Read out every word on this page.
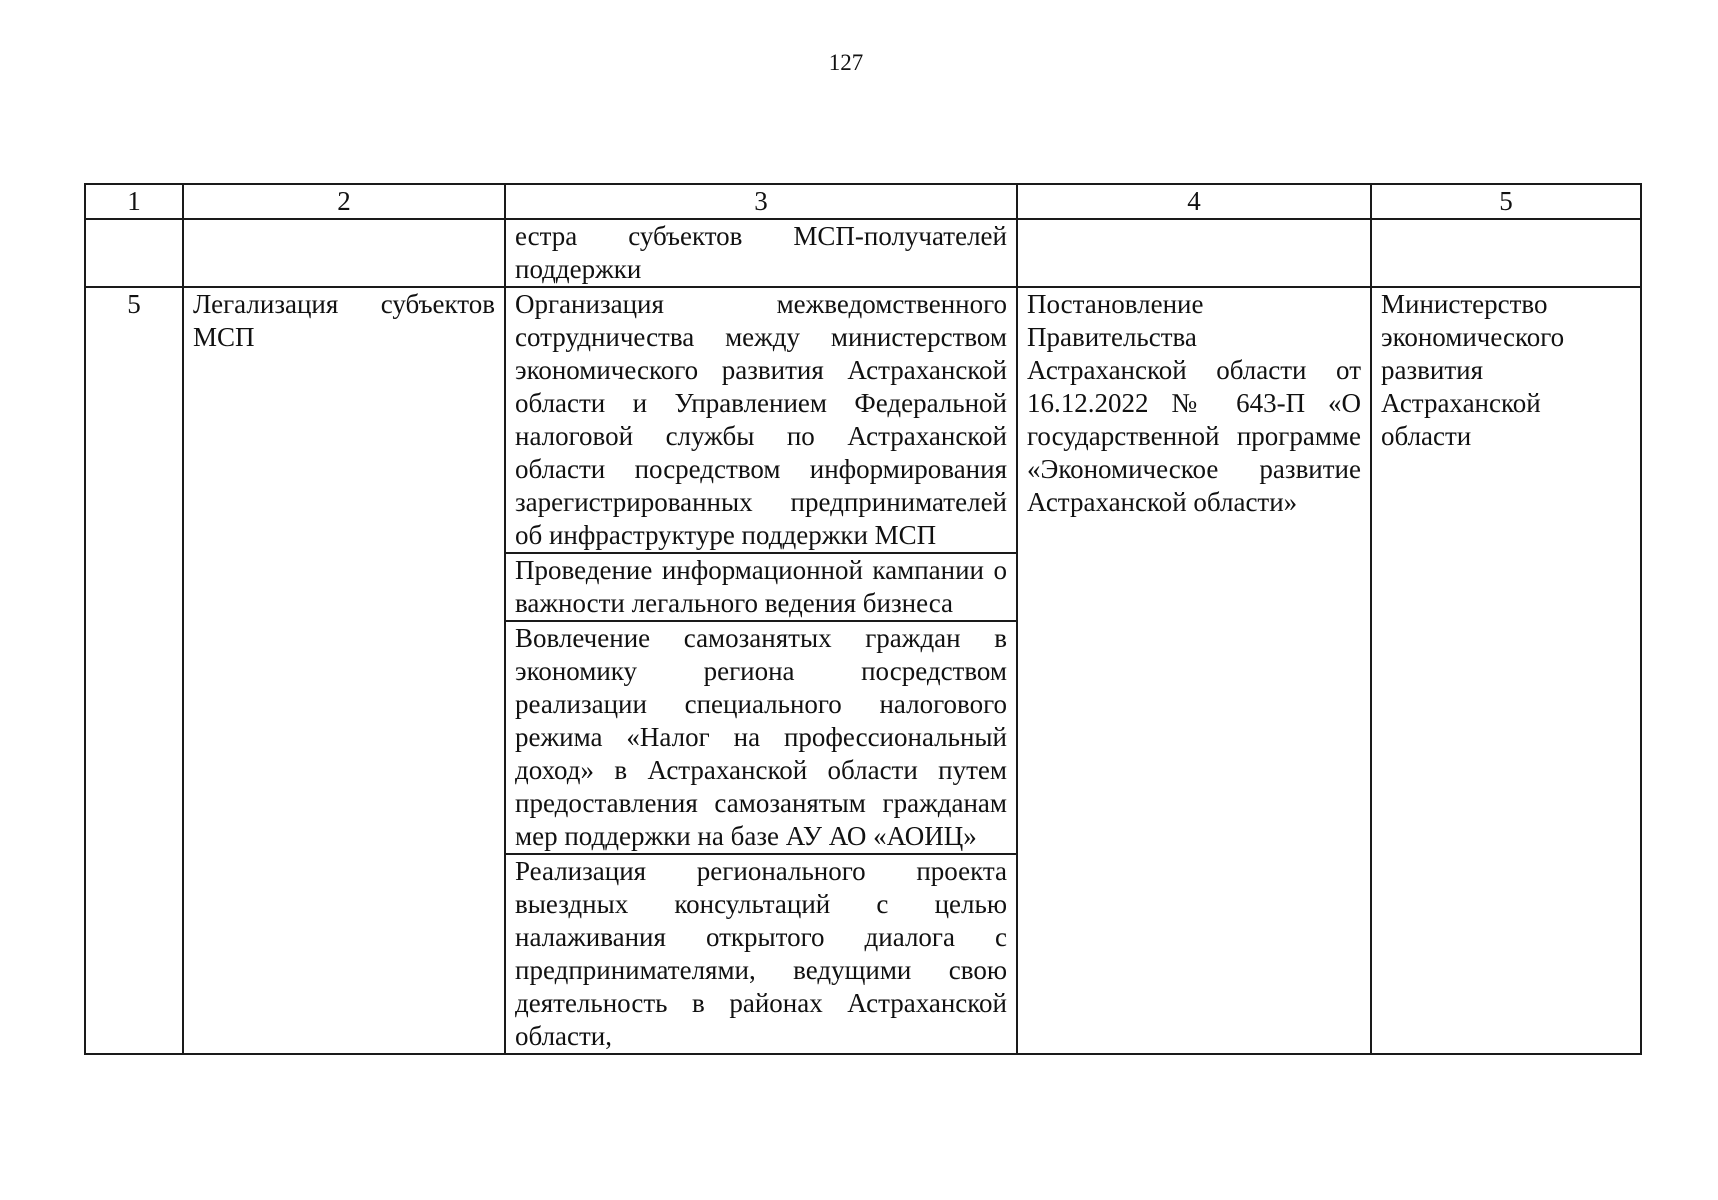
127
1	2	3	4	5
		естра субъектов МСП-получателей поддержки		
5	Легализация субъектов МСП	Организация межведомственного сотрудничества между министерством экономического развития Астраханской области и Управлением Федеральной налоговой службы по Астраханской области посредством информирования зарегистрированных предпринимателей об инфраструктуре поддержки МСП	Постановление Правительства Астраханской области от 16.12.2022 № 643-П «О государственной программе «Экономическое развитие Астраханской области»	Министерство экономического развития Астраханской области
		Проведение информационной кампании о важности легального ведения бизнеса		
		Вовлечение самозанятых граждан в экономику региона посредством реализации специального налогового режима «Налог на профессиональный доход» в Астраханской области путем предоставления самозанятым гражданам мер поддержки на базе АУ АО «АОИЦ»		
		Реализация регионального проекта выездных консультаций с целью налаживания открытого диалога с предпринимателями, ведущими свою деятельность в районах Астраханской области,		
